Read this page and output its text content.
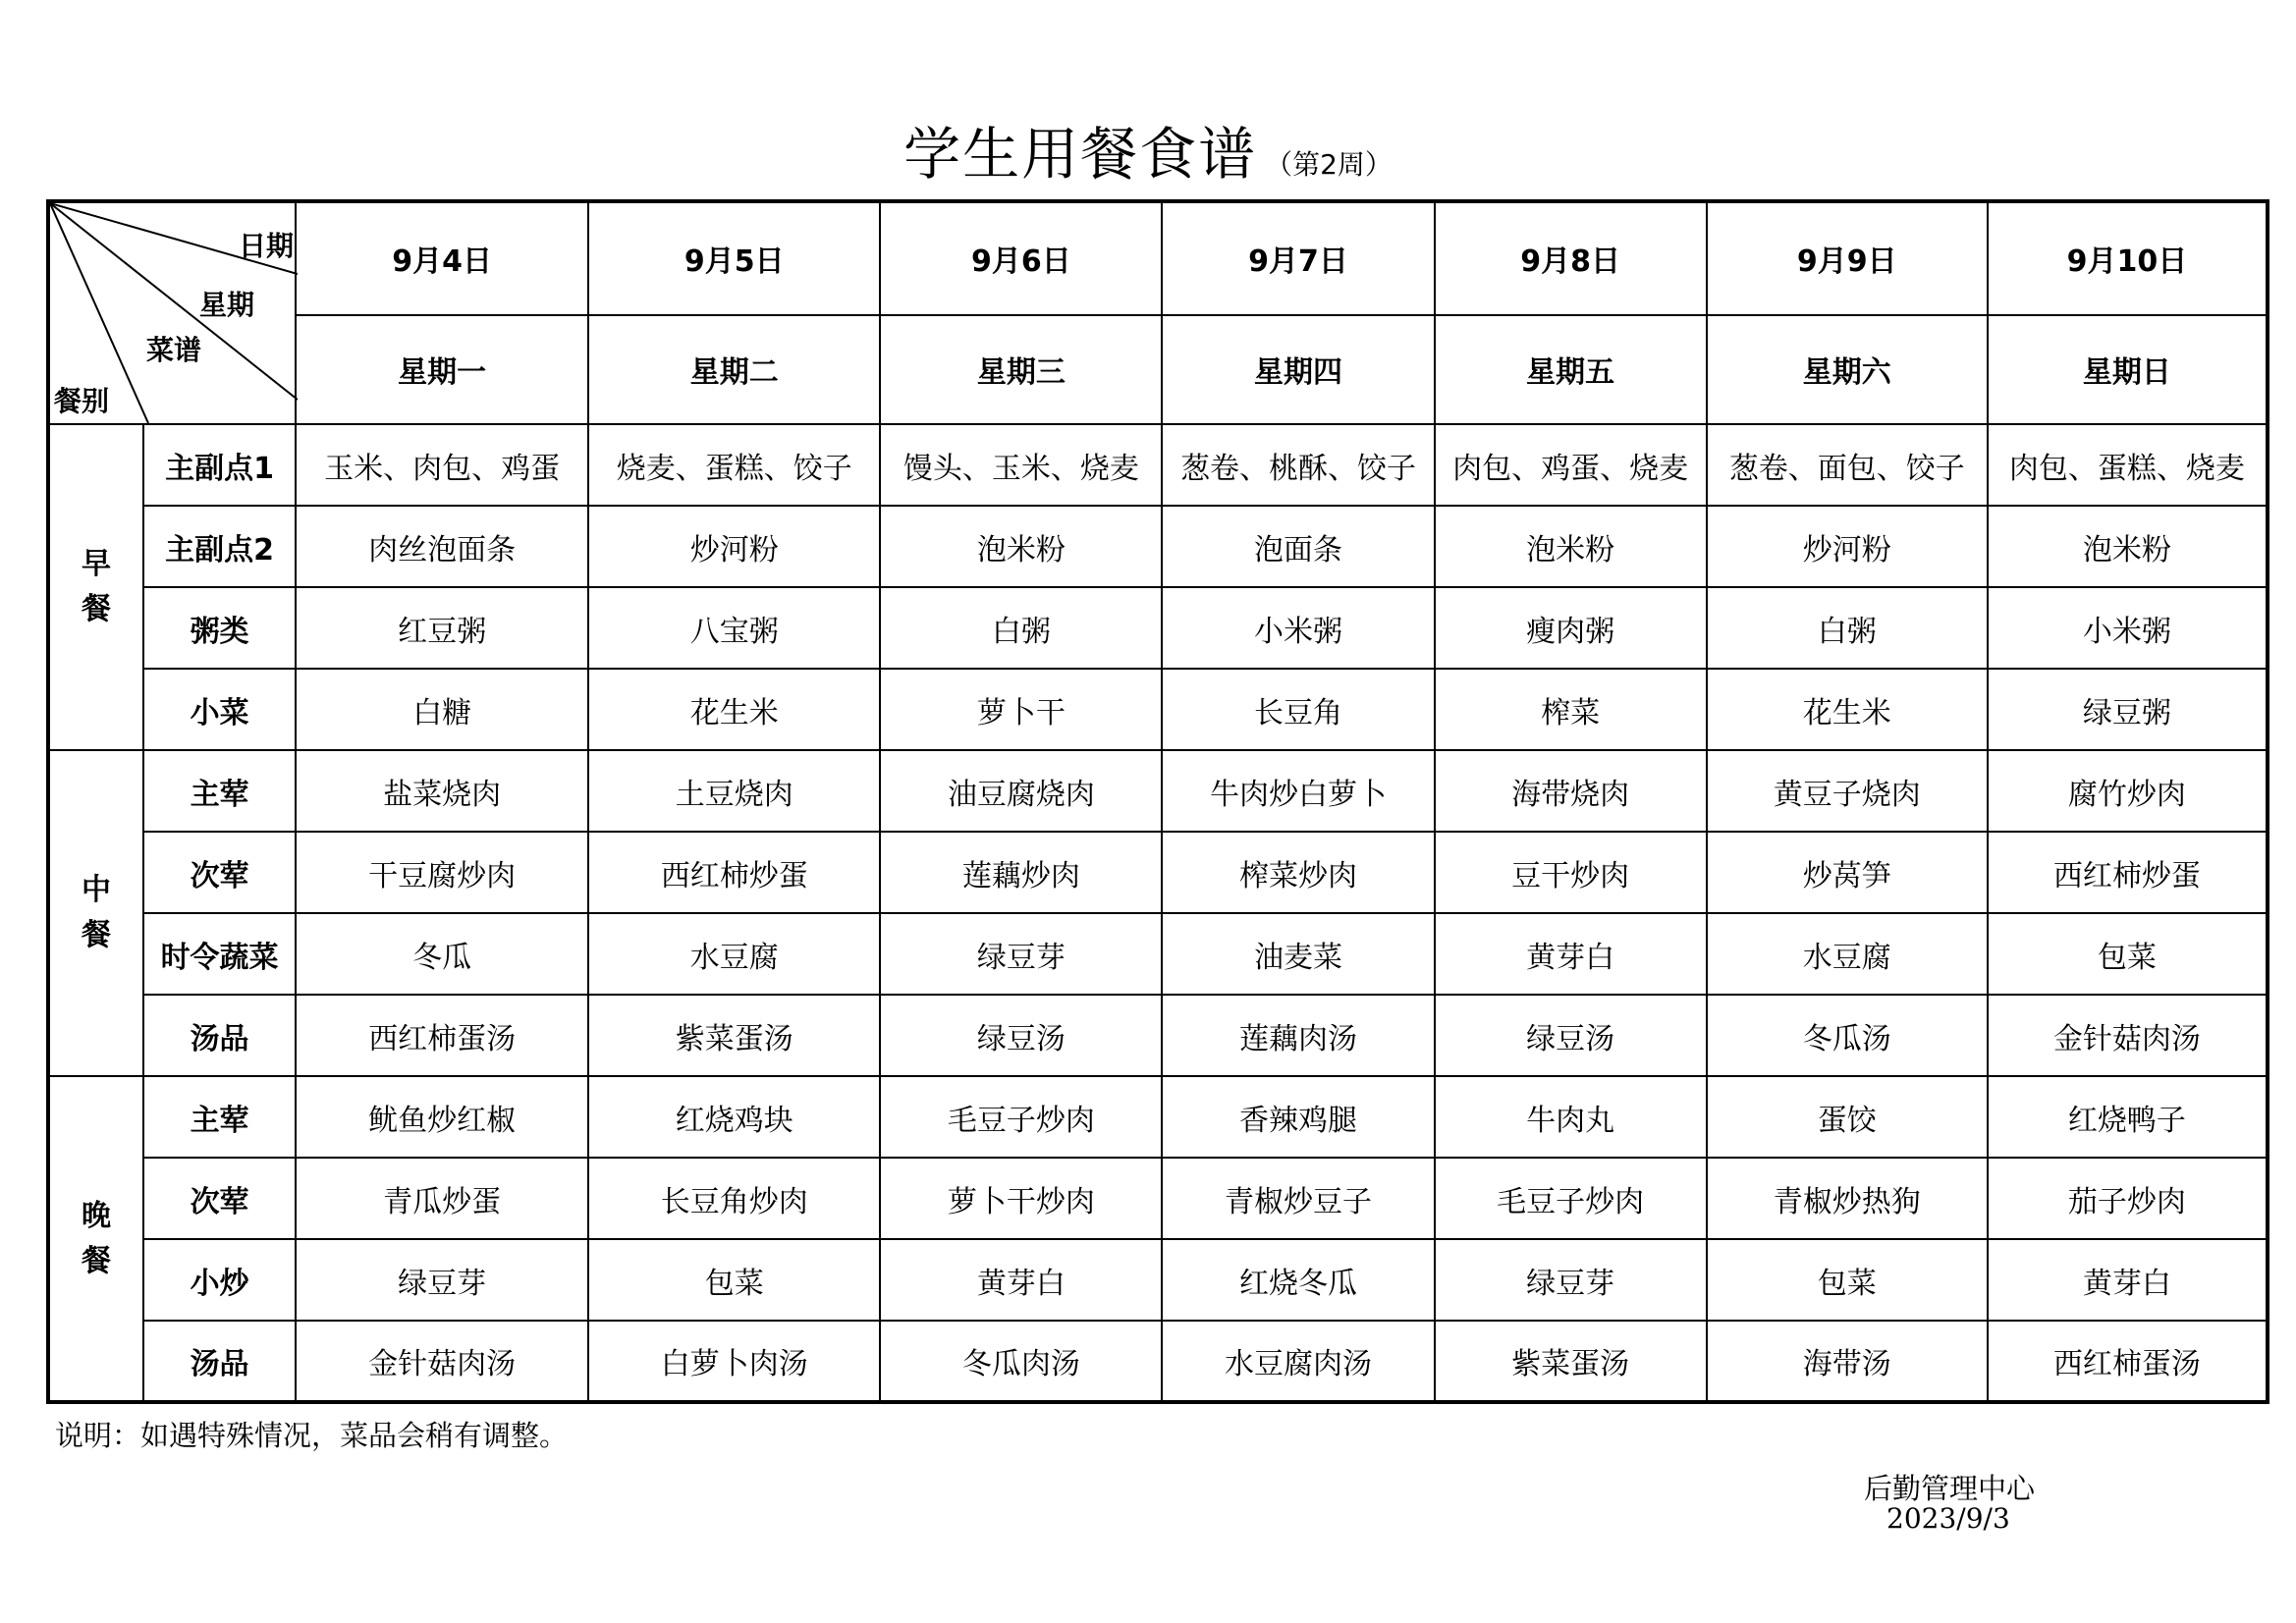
学生用餐食谱 （第2周）
日期
星期
菜谱
餐别		9月4日	9月5日	9月6日	9月7日	9月8日	9月9日	9月10日
		星期一	星期二	星期三	星期四	星期五	星期六	星期日
早餐	主副点1	玉米、肉包、鸡蛋	烧麦、蛋糕、饺子	馒头、玉米、烧麦	葱卷、桃酥、饺子	肉包、鸡蛋、烧麦	葱卷、面包、饺子	肉包、蛋糕、烧麦
	主副点2	肉丝泡面条	炒河粉	泡米粉	泡面条	泡米粉	炒河粉	泡米粉
	粥类	红豆粥	八宝粥	白粥	小米粥	瘦肉粥	白粥	小米粥
	小菜	白糖	花生米	萝卜干	长豆角	榨菜	花生米	绿豆粥
中餐	主荤	盐菜烧肉	土豆烧肉	油豆腐烧肉	牛肉炒白萝卜	海带烧肉	黄豆子烧肉	腐竹炒肉
	次荤	干豆腐炒肉	西红柿炒蛋	莲藕炒肉	榨菜炒肉	豆干炒肉	炒莴笋	西红柿炒蛋
	时令蔬菜	冬瓜	水豆腐	绿豆芽	油麦菜	黄芽白	水豆腐	包菜
	汤品	西红柿蛋汤	紫菜蛋汤	绿豆汤	莲藕肉汤	绿豆汤	冬瓜汤	金针菇肉汤
晚餐	主荤	鱿鱼炒红椒	红烧鸡块	毛豆子炒肉	香辣鸡腿	牛肉丸	蛋饺	红烧鸭子
	次荤	青瓜炒蛋	长豆角炒肉	萝卜干炒肉	青椒炒豆子	毛豆子炒肉	青椒炒热狗	茄子炒肉
	小炒	绿豆芽	包菜	黄芽白	红烧冬瓜	绿豆芽	包菜	黄芽白
	汤品	金针菇肉汤	白萝卜肉汤	冬瓜肉汤	水豆腐肉汤	紫菜蛋汤	海带汤	西红柿蛋汤
说明：如遇特殊情况，菜品会稍有调整。
后勤管理中心
2023/9/3
